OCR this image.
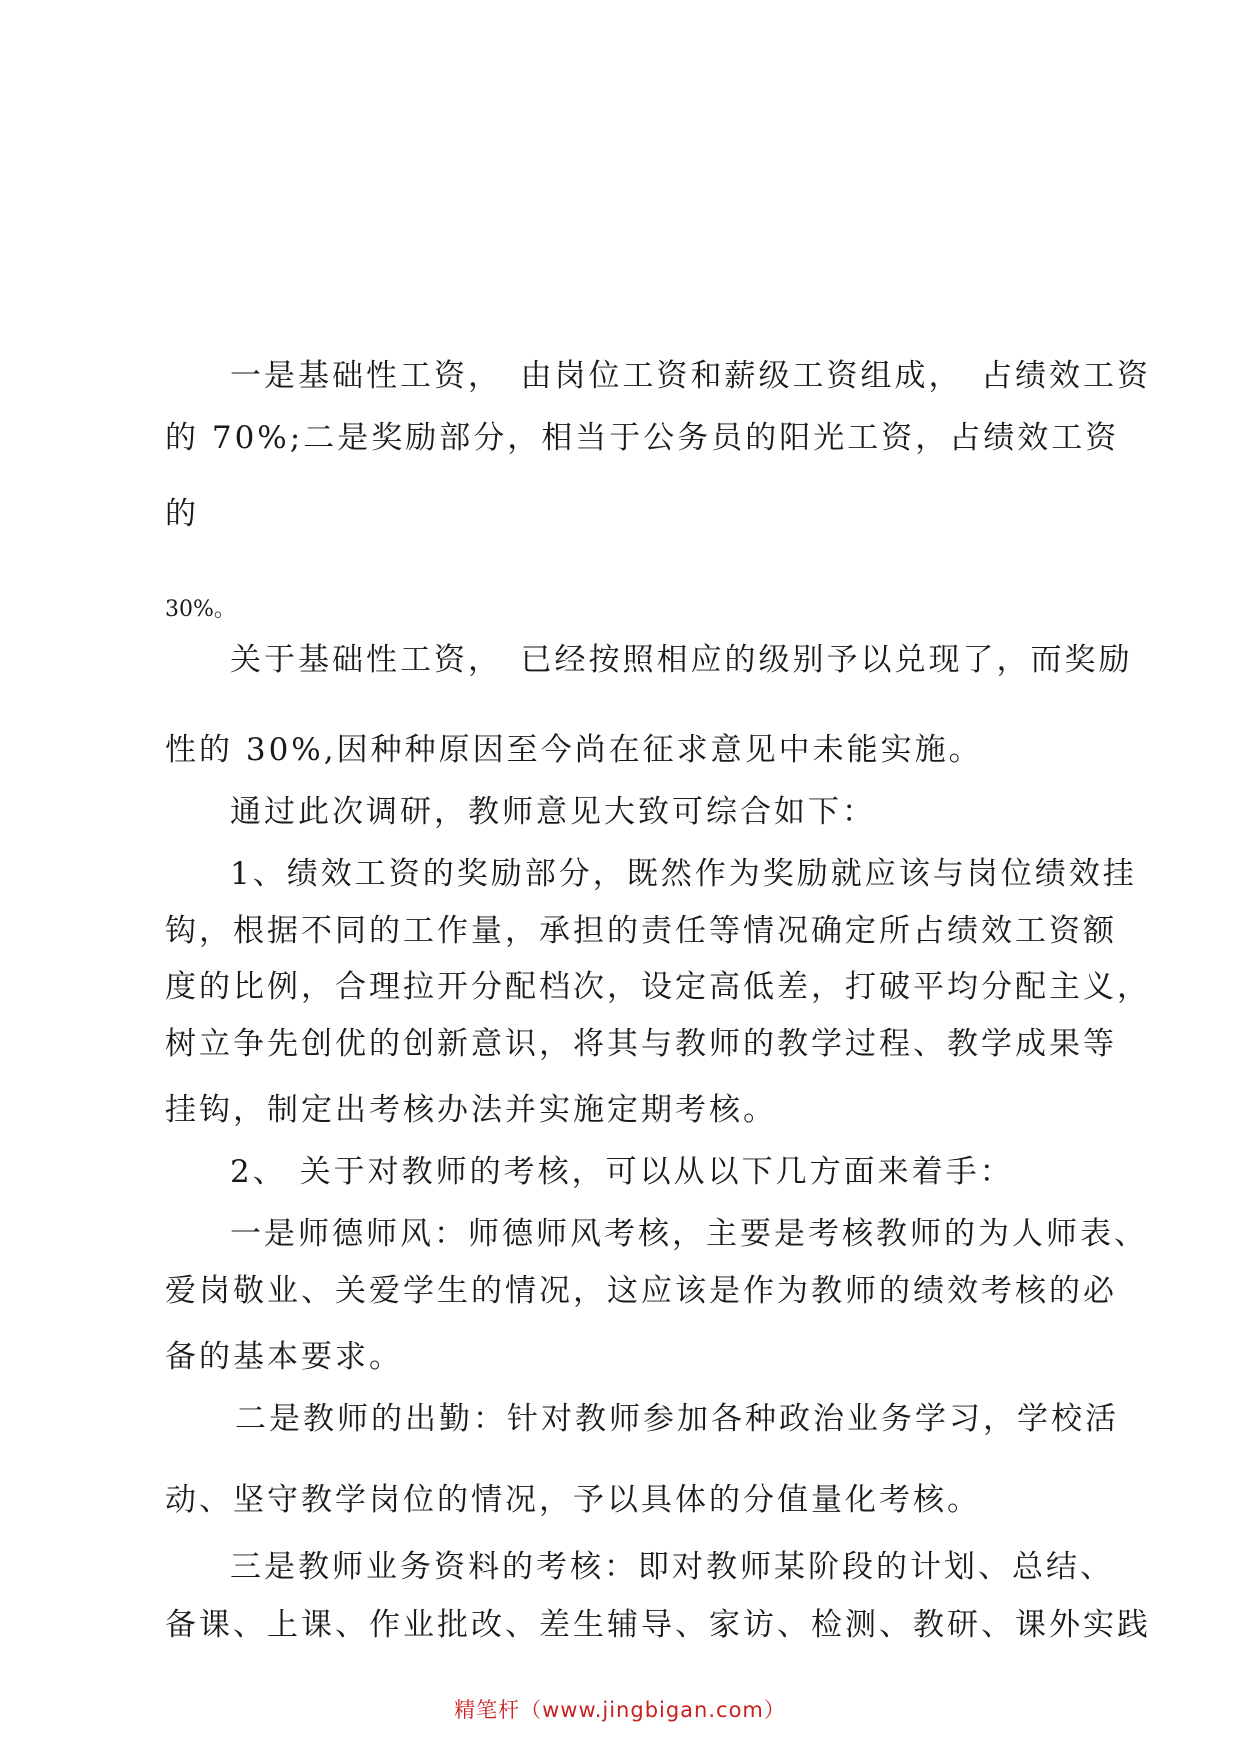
一是基础性工资，　由岗位工资和薪级工资组成，　占绩效工资
的 70%;二是奖励部分，相当于公务员的阳光工资，占绩效工资
的
30%。
关于基础性工资，　已经按照相应的级别予以兑现了，而奖励
性的 30%,因种种原因至今尚在征求意见中未能实施。
通过此次调研，教师意见大致可综合如下：
1、绩效工资的奖励部分，既然作为奖励就应该与岗位绩效挂
钩，根据不同的工作量，承担的责任等情况确定所占绩效工资额
度的比例，合理拉开分配档次，设定高低差，打破平均分配主义，
树立争先创优的创新意识，将其与教师的教学过程、教学成果等
挂钩，制定出考核办法并实施定期考核。
2、 关于对教师的考核，可以从以下几方面来着手：
一是师德师风：师德师风考核，主要是考核教师的为人师表、
爱岗敬业、关爱学生的情况，这应该是作为教师的绩效考核的必
备的基本要求。
二是教师的出勤：针对教师参加各种政治业务学习，学校活
动、坚守教学岗位的情况，予以具体的分值量化考核。
三是教师业务资料的考核：即对教师某阶段的计划、总结、
备课、上课、作业批改、差生辅导、家访、检测、教研、课外实践
精笔杆（www.jingbigan.com）
